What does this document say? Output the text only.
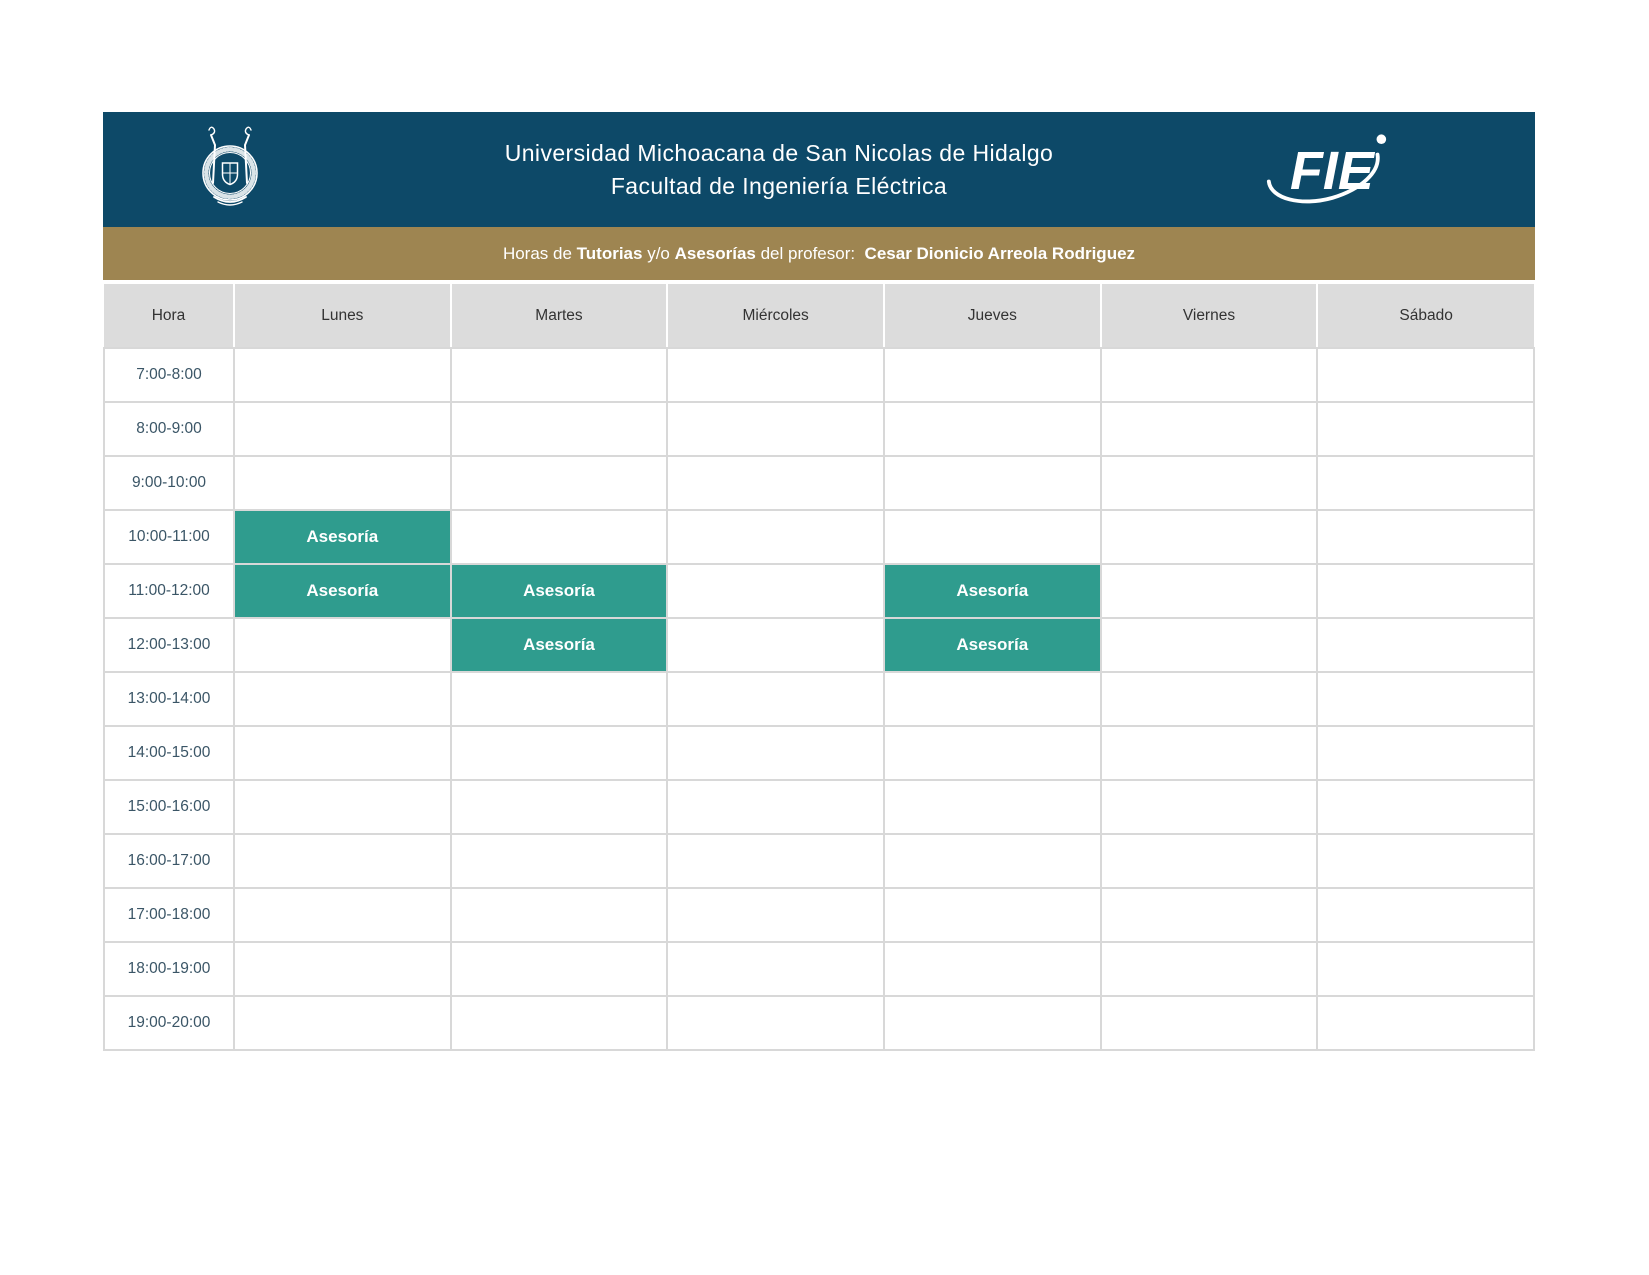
Universidad Michoacana de San Nicolas de Hidalgo
Facultad de Ingeniería Eléctrica	FIE
Horas de Tutorias y/o Asesorías del profesor: Cesar Dionicio Arreola Rodriguez
Hora	Lunes	Martes	Miércoles	Jueves	Viernes	Sábado
7:00-8:00						
8:00-9:00						
9:00-10:00						
10:00-11:00	Asesoría					
11:00-12:00	Asesoría	Asesoría		Asesoría		
12:00-13:00		Asesoría		Asesoría		
13:00-14:00						
14:00-15:00						
15:00-16:00						
16:00-17:00						
17:00-18:00						
18:00-19:00						
19:00-20:00						
